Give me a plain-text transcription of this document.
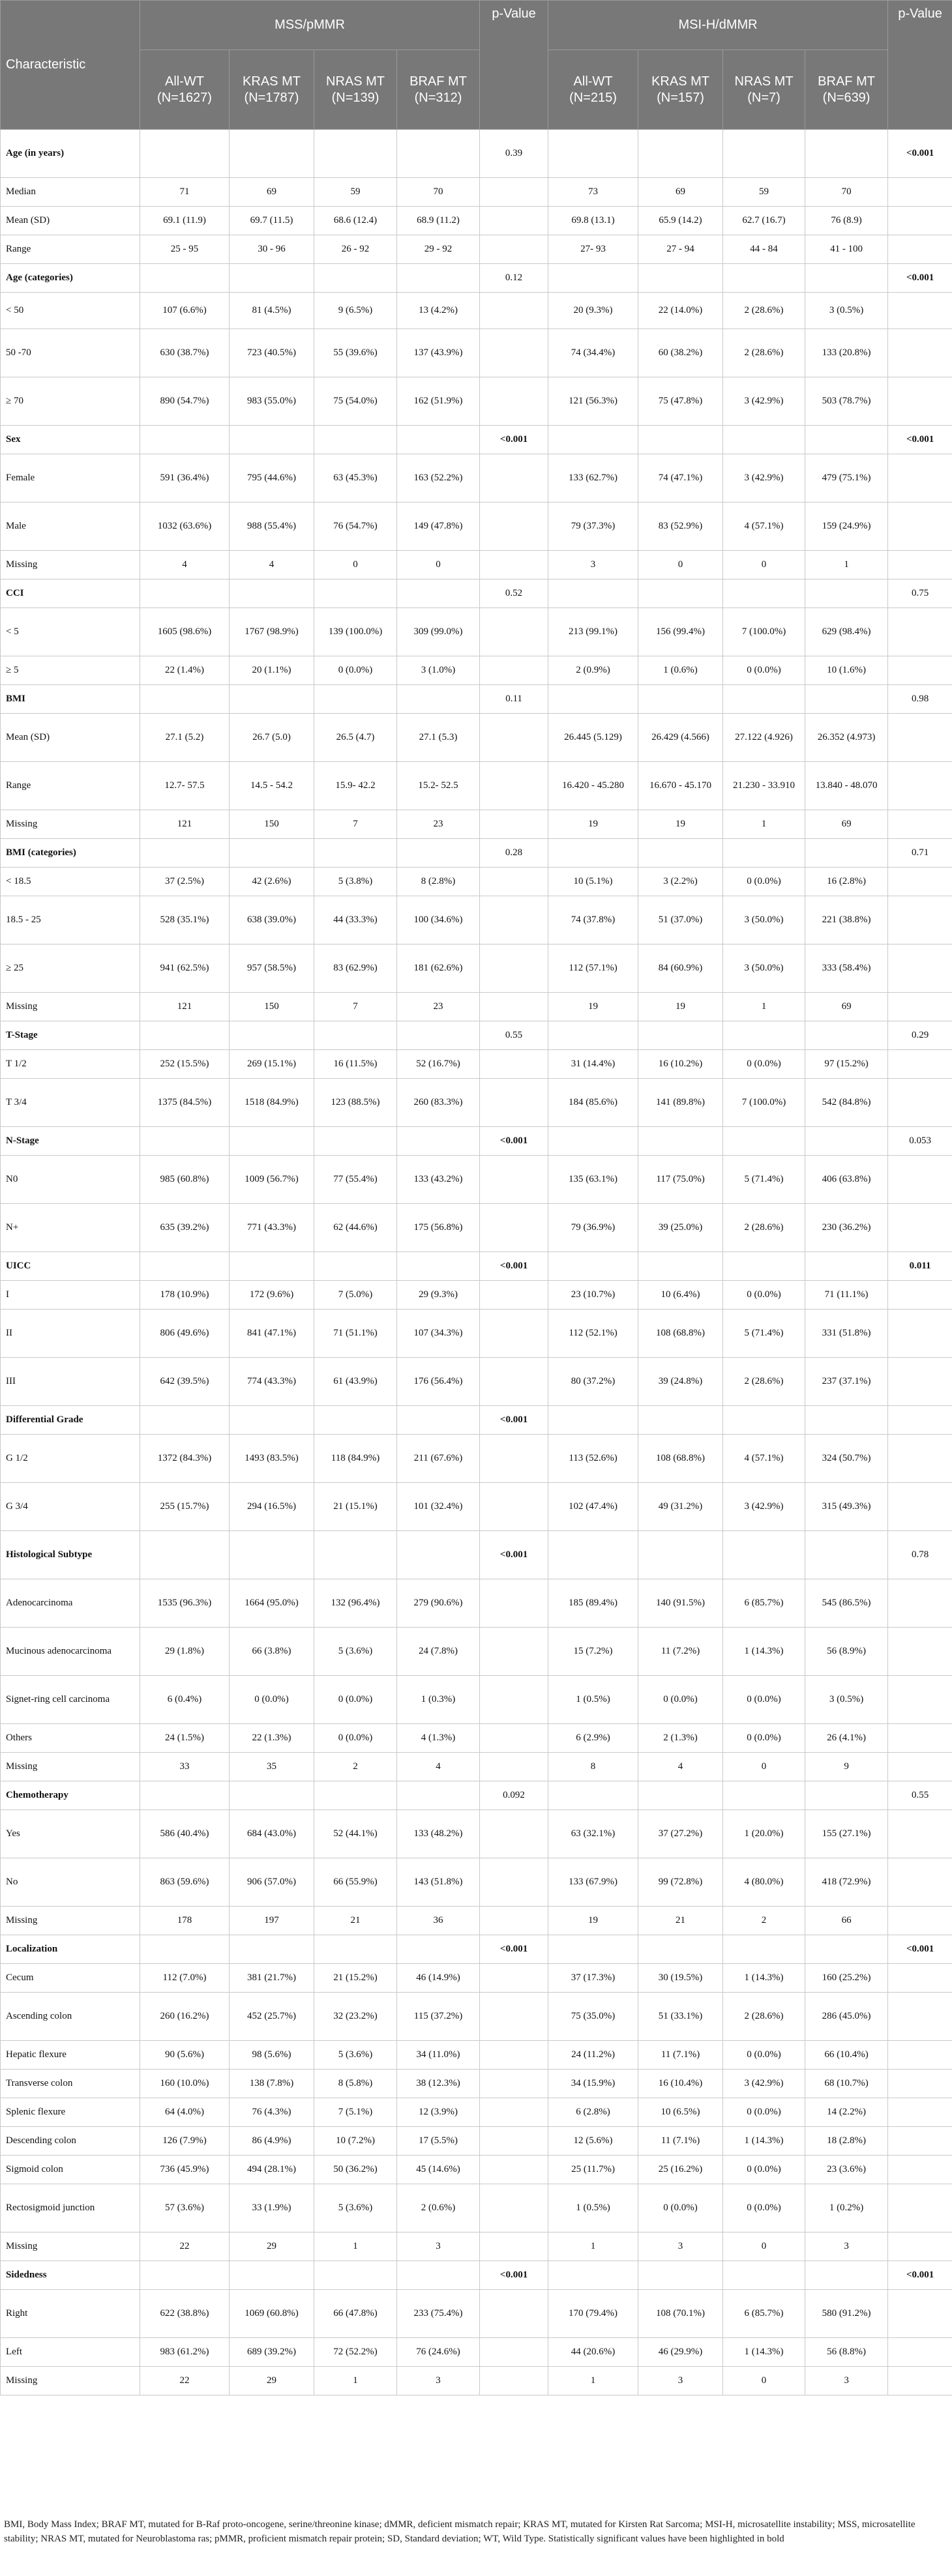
Characteristic	MSS/pMMR				p-Value	MSI-H/dMMR				p-Value
	All-WT (N=1627)	KRAS MT (N=1787)	NRAS MT (N=139)	BRAF MT (N=312)		All-WT (N=215)	KRAS MT (N=157)	NRAS MT (N=7)	BRAF MT (N=639)	
Age (in years)					0.39					<0.001
Median	71	69	59	70		73	69	59	70	
Mean (SD)	69.1 (11.9)	69.7 (11.5)	68.6 (12.4)	68.9 (11.2)		69.8 (13.1)	65.9 (14.2)	62.7 (16.7)	76 (8.9)	
Range	25 - 95	30 - 96	26 - 92	29 - 92		27- 93	27 - 94	44 - 84	41 - 100	
Age (categories)					0.12					<0.001
< 50	107 (6.6%)	81 (4.5%)	9 (6.5%)	13 (4.2%)		20 (9.3%)	22 (14.0%)	2 (28.6%)	3 (0.5%)	
50 -70	630 (38.7%)	723 (40.5%)	55 (39.6%)	137 (43.9%)		74 (34.4%)	60 (38.2%)	2 (28.6%)	133 (20.8%)	
≥ 70	890 (54.7%)	983 (55.0%)	75 (54.0%)	162 (51.9%)		121 (56.3%)	75 (47.8%)	3 (42.9%)	503 (78.7%)	
Sex					<0.001					<0.001
Female	591 (36.4%)	795 (44.6%)	63 (45.3%)	163 (52.2%)		133 (62.7%)	74 (47.1%)	3 (42.9%)	479 (75.1%)	
Male	1032 (63.6%)	988 (55.4%)	76 (54.7%)	149 (47.8%)		79 (37.3%)	83 (52.9%)	4 (57.1%)	159 (24.9%)	
Missing	4	4	0	0		3	0	0	1	
CCI					0.52					0.75
< 5	1605 (98.6%)	1767 (98.9%)	139 (100.0%)	309 (99.0%)		213 (99.1%)	156 (99.4%)	7 (100.0%)	629 (98.4%)	
≥ 5	22 (1.4%)	20 (1.1%)	0 (0.0%)	3 (1.0%)		2 (0.9%)	1 (0.6%)	0 (0.0%)	10 (1.6%)	
BMI					0.11					0.98
Mean (SD)	27.1 (5.2)	26.7 (5.0)	26.5 (4.7)	27.1 (5.3)		26.445 (5.129)	26.429 (4.566)	27.122 (4.926)	26.352 (4.973)	
Range	12.7- 57.5	14.5 - 54.2	15.9- 42.2	15.2- 52.5		16.420 - 45.280	16.670 - 45.170	21.230 - 33.910	13.840 - 48.070	
Missing	121	150	7	23		19	19	1	69	
BMI (categories)					0.28					0.71
< 18.5	37 (2.5%)	42 (2.6%)	5 (3.8%)	8 (2.8%)		10 (5.1%)	3 (2.2%)	0 (0.0%)	16 (2.8%)	
18.5 - 25	528 (35.1%)	638 (39.0%)	44 (33.3%)	100 (34.6%)		74 (37.8%)	51 (37.0%)	3 (50.0%)	221 (38.8%)	
≥ 25	941 (62.5%)	957 (58.5%)	83 (62.9%)	181 (62.6%)		112 (57.1%)	84 (60.9%)	3 (50.0%)	333 (58.4%)	
Missing	121	150	7	23		19	19	1	69	
T-Stage					0.55					0.29
T 1/2	252 (15.5%)	269 (15.1%)	16 (11.5%)	52 (16.7%)		31 (14.4%)	16 (10.2%)	0 (0.0%)	97 (15.2%)	
T 3/4	1375 (84.5%)	1518 (84.9%)	123 (88.5%)	260 (83.3%)		184 (85.6%)	141 (89.8%)	7 (100.0%)	542 (84.8%)	
N-Stage					<0.001					0.053
N0	985 (60.8%)	1009 (56.7%)	77 (55.4%)	133 (43.2%)		135 (63.1%)	117 (75.0%)	5 (71.4%)	406 (63.8%)	
N+	635 (39.2%)	771 (43.3%)	62 (44.6%)	175 (56.8%)		79 (36.9%)	39 (25.0%)	2 (28.6%)	230 (36.2%)	
UICC					<0.001					0.011
I	178 (10.9%)	172 (9.6%)	7 (5.0%)	29 (9.3%)		23 (10.7%)	10 (6.4%)	0 (0.0%)	71 (11.1%)	
II	806 (49.6%)	841 (47.1%)	71 (51.1%)	107 (34.3%)		112 (52.1%)	108 (68.8%)	5 (71.4%)	331 (51.8%)	
III	642 (39.5%)	774 (43.3%)	61 (43.9%)	176 (56.4%)		80 (37.2%)	39 (24.8%)	2 (28.6%)	237 (37.1%)	
Differential Grade					<0.001					
G 1/2	1372 (84.3%)	1493 (83.5%)	118 (84.9%)	211 (67.6%)		113 (52.6%)	108 (68.8%)	4 (57.1%)	324 (50.7%)	
G 3/4	255 (15.7%)	294 (16.5%)	21 (15.1%)	101 (32.4%)		102 (47.4%)	49 (31.2%)	3 (42.9%)	315 (49.3%)	
Histological Subtype					<0.001					0.78
Adenocarcinoma	1535 (96.3%)	1664 (95.0%)	132 (96.4%)	279 (90.6%)		185 (89.4%)	140 (91.5%)	6 (85.7%)	545 (86.5%)	
Mucinous adenocarcinoma	29 (1.8%)	66 (3.8%)	5 (3.6%)	24 (7.8%)		15 (7.2%)	11 (7.2%)	1 (14.3%)	56 (8.9%)	
Signet-ring cell carcinoma	6 (0.4%)	0 (0.0%)	0 (0.0%)	1 (0.3%)		1 (0.5%)	0 (0.0%)	0 (0.0%)	3 (0.5%)	
Others	24 (1.5%)	22 (1.3%)	0 (0.0%)	4 (1.3%)		6 (2.9%)	2 (1.3%)	0 (0.0%)	26 (4.1%)	
Missing	33	35	2	4		8	4	0	9	
Chemotherapy					0.092					0.55
Yes	586 (40.4%)	684 (43.0%)	52 (44.1%)	133 (48.2%)		63 (32.1%)	37 (27.2%)	1 (20.0%)	155 (27.1%)	
No	863 (59.6%)	906 (57.0%)	66 (55.9%)	143 (51.8%)		133 (67.9%)	99 (72.8%)	4 (80.0%)	418 (72.9%)	
Missing	178	197	21	36		19	21	2	66	
Localization					<0.001					<0.001
Cecum	112 (7.0%)	381 (21.7%)	21 (15.2%)	46 (14.9%)		37 (17.3%)	30 (19.5%)	1 (14.3%)	160 (25.2%)	
Ascending colon	260 (16.2%)	452 (25.7%)	32 (23.2%)	115 (37.2%)		75 (35.0%)	51 (33.1%)	2 (28.6%)	286 (45.0%)	
Hepatic flexure	90 (5.6%)	98 (5.6%)	5 (3.6%)	34 (11.0%)		24 (11.2%)	11 (7.1%)	0 (0.0%)	66 (10.4%)	
Transverse colon	160 (10.0%)	138 (7.8%)	8 (5.8%)	38 (12.3%)		34 (15.9%)	16 (10.4%)	3 (42.9%)	68 (10.7%)	
Splenic flexure	64 (4.0%)	76 (4.3%)	7 (5.1%)	12 (3.9%)		6 (2.8%)	10 (6.5%)	0 (0.0%)	14 (2.2%)	
Descending colon	126 (7.9%)	86 (4.9%)	10 (7.2%)	17 (5.5%)		12 (5.6%)	11 (7.1%)	1 (14.3%)	18 (2.8%)	
Sigmoid colon	736 (45.9%)	494 (28.1%)	50 (36.2%)	45 (14.6%)		25 (11.7%)	25 (16.2%)	0 (0.0%)	23 (3.6%)	
Rectosigmoid junction	57 (3.6%)	33 (1.9%)	5 (3.6%)	2 (0.6%)		1 (0.5%)	0 (0.0%)	0 (0.0%)	1 (0.2%)	
Missing	22	29	1	3		1	3	0	3	
Sidedness					<0.001					<0.001
Right	622 (38.8%)	1069 (60.8%)	66 (47.8%)	233 (75.4%)		170 (79.4%)	108 (70.1%)	6 (85.7%)	580 (91.2%)	
Left	983 (61.2%)	689 (39.2%)	72 (52.2%)	76 (24.6%)		44 (20.6%)	46 (29.9%)	1 (14.3%)	56 (8.8%)	
Missing	22	29	1	3		1	3	0	3	
BMI, Body Mass Index; BRAF MT, mutated for B-Raf proto-oncogene, serine/threonine kinase; dMMR, deficient mismatch repair; KRAS MT, mutated for Kirsten Rat Sarcoma; MSI-H, microsatellite instability; MSS, microsatellite stability; NRAS MT, mutated for Neuroblastoma ras; pMMR, proficient mismatch repair protein; SD, Standard deviation; WT, Wild Type. Statistically significant values have been highlighted in bold
